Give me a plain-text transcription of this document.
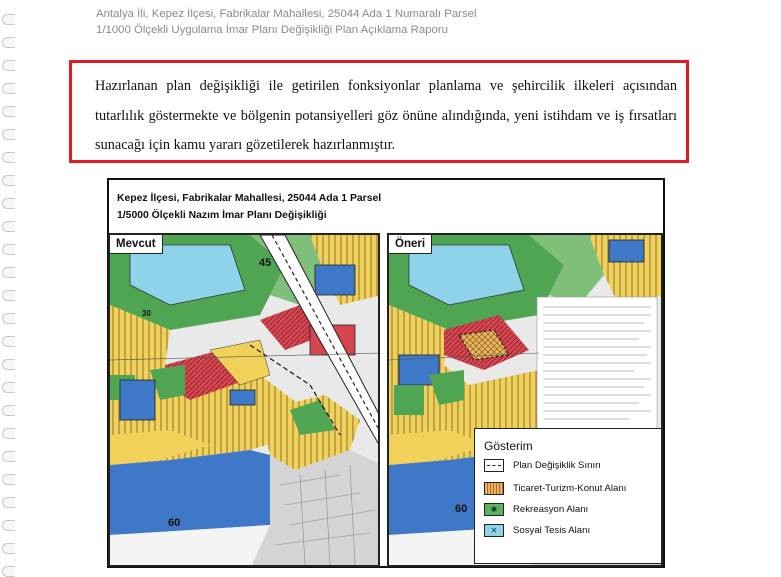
Antalya İli, Kepez İlçesi, Fabrikalar Mahallesi, 25044 Ada 1 Numaralı Parsel
1/1000 Ölçekli Uygulama İmar Planı Değişikliği Plan Açıklama Raporu
Hazırlanan plan değişikliği ile getirilen fonksiyonlar planlama ve şehircilik ilkeleri açısından tutarlılık göstermekte ve bölgenin potansiyelleri göz önüne alındığında, yeni istihdam ve iş fırsatları sunacağı için kamu yararı gözetilerek hazırlanmıştır.
Kepez İlçesi, Fabrikalar Mahallesi, 25044 Ada 1 Parsel
1/5000 Ölçekli Nazım İmar Planı Değişikliği
Mevcut
45
30
60
Öneri
60
Gösterim
Plan Değişiklik Sınırı
Ticaret-Turizm-Konut Alanı
✱	Rekreasyon Alanı
✕	Sosyal Tesis Alanı
